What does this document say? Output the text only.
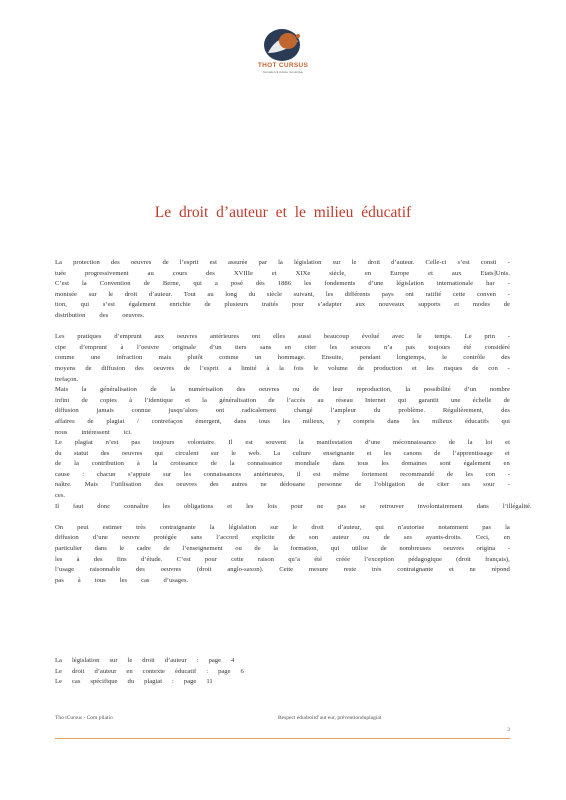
THOT CURSUS
formation & culture numérique
Le droit d’auteur et le milieu éducatif
La protection des oeuvres de l’esprit est assurée par la législation sur le droit d’auteur. Celle-ci s’est consti -
tuée	progressivement	au	cours	des	XVIIIe	et	XIXe	siècle,	en	Europe	et	aux	Etats]Unis.
C’est la Convention de Berne, qui a posé dès 1886 les fondements d’une législation internationale har -
monisée sur le droit d’auteur. Tout au long du siècle suivant, les différents pays ont ratifié cette conven -
tion, qui s’est également enrichie de plusieurs traités pour s’adapter aux nouveaux supports et modes de
distribution des oeuvres.
Les pratiques d’emprunt aux oeuvres antérieures ont elles aussi beaucoup évolué avec le temps. Le prin -
cipe d’emprunt à l’oeuvre originale d’un tiers sans en citer les sources n’a pas toujours été considéré
comme une infraction mais plutôt comme un hommage. Ensuite, pendant longtemps, le contrôle des
moyens de diffusion des oeuvres de l’esprit a limité à la fois le volume de production et les risques de con -
trefaçon.
Mais la généralisation de la numérisation des oeuvres ou de leur reproduction, la possibilité d’un nombre
infini de copies à l’identique et la généralisation de l’accès au réseau Internet qui garantit une échelle de
diffusion	jamais	connue	jusqu’alors	ont	radicalement	changé	l’ampleur	du	problème.	Régulièrement,	des
affaires de plagiat / contrefaçon émergent, dans tous les milieux, y compris dans les milieux éducatifs qui
nous intéressent ici.
Le plagiat n’est pas toujours volontaire. Il est souvent la manifestation d’une méconnaissance de la loi et
du statut des oeuvres qui circulent sur le web. La culture enseignante et les canons de l’apprentissage et
de la contribution à la croissance de la connaissance mondiale dans tous les domaines sont également en
cause : chacun s’appuie sur les connaissances antérieures, il est même fortement recommandé de les con -
naître. Mais l’utilisation des oeuvres des autres ne dédouane personne de l’obligation de citer ses sour -
ces.
Il faut donc connaître les obligations et les lois pour ne pas se retrouver involontairement dans l’illégalité.
On peut estimer très contraignante la législation sur le droit d’auteur, qui n’autorise notamment pas la
diffusion d’une oeuvre protégée sans l’accord explicite de son auteur ou de ses ayants-droits. Ceci, en
particulier dans le cadre de l’enseignement ou de la formation, qui utilise de nombreuses oeuvres origina -
les à des fins d’étude. C’est pour cette raison qu’a été créée l’exception pédagogique (droit français),
l’usage raisonnable des oeuvres (droit anglo-saxon). Cette mesure reste très contraignante et ne répond
pas à tous les cas d’usages.
La législation sur le droit d’auteur : page 4
Le droit d’auteur en contexte éducatif : page 6
Le cas spécifique du plagiat : page 11
Tho tCursus - Com pilatio	Respect edudroitd’aut eur, préventionduplagiat
3
